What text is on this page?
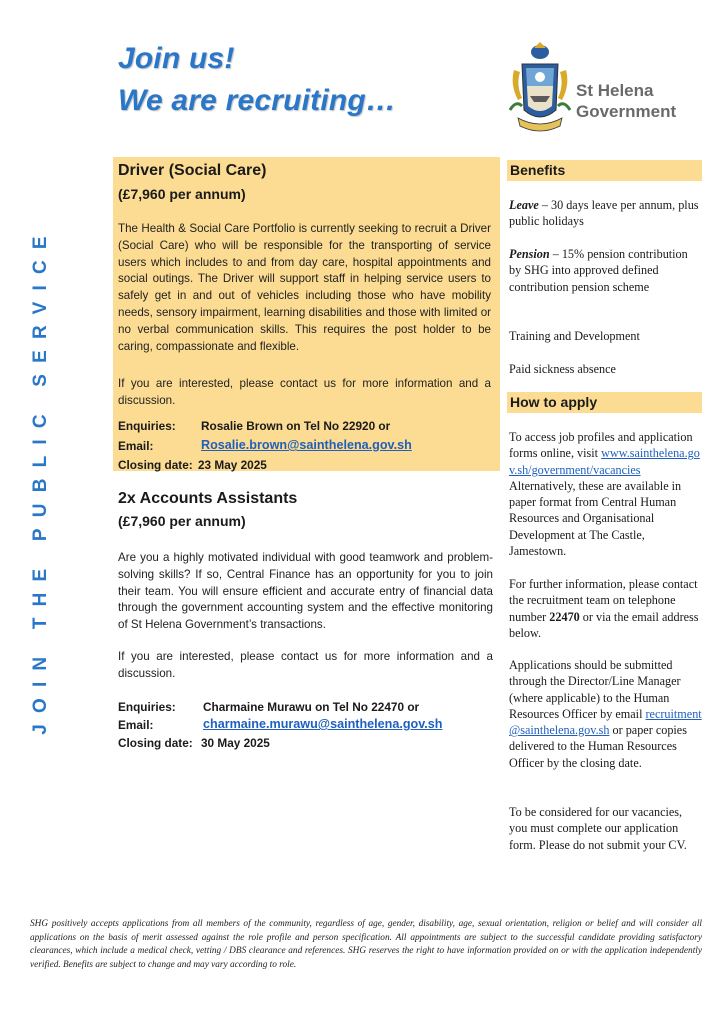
Join us!
We are recruiting…	St Helena
Government
JOIN THE PUBLIC SERVICE
Driver (Social Care)
(£7,960 per annum)
The Health & Social Care Portfolio is currently seeking to recruit a Driver (Social Care) who will be responsible for the transporting of service users which includes to and from day care, hospital appointments and social outings. The Driver will support staff in helping service users to safely get in and out of vehicles including those who have mobility needs, sensory impairment, learning disabilities and those with limited or no verbal communication skills. This requires the post holder to be caring, compassionate and flexible.
If you are interested, please contact us for more information and a discussion.
Enquiries: Rosalie Brown on Tel No 22920 or
Email:	Rosalie.brown@sainthelena.gov.sh
Closing date: 23 May 2025
2x Accounts Assistants
(£7,960 per annum)
Are you a highly motivated individual with good teamwork and problem-solving skills? If so, Central Finance has an opportunity for you to join their team. You will ensure efficient and accurate entry of financial data through the government accounting system and the effective monitoring of St Helena Government’s transactions.
If you are interested, please contact us for more information and a discussion.
Enquiries: Charmaine Murawu on Tel No 22470 or
Email:	charmaine.murawu@sainthelena.gov.sh
Closing date: 30 May 2025
Benefits
Leave – 30 days leave per annum, plus public holidays
Pension – 15% pension contribution by SHG into approved defined contribution pension scheme
Training and Development
Paid sickness absence
How to apply
To access job profiles and application forms online, visit www.sainthelena.gov.sh/government/vacancies Alternatively, these are available in paper format from Central Human Resources and Organisational Development at The Castle, Jamestown.
For further information, please contact the recruitment team on telephone number 22470 or via the email address below.
Applications should be submitted through the Director/Line Manager (where applicable) to the Human Resources Officer by email recruitment@sainthelena.gov.sh or paper copies delivered to the Human Resources Officer by the closing date.
To be considered for our vacancies, you must complete our application form. Please do not submit your CV.
SHG positively accepts applications from all members of the community, regardless of age, gender, disability, age, sexual orientation, religion or belief and will consider all applications on the basis of merit assessed against the role profile and person specification. All appointments are subject to the successful candidate providing satisfactory clearances, which include a medical check, vetting / DBS clearance and references. SHG reserves the right to have information provided on or with the application independently verified. Benefits are subject to change and may vary according to role.
